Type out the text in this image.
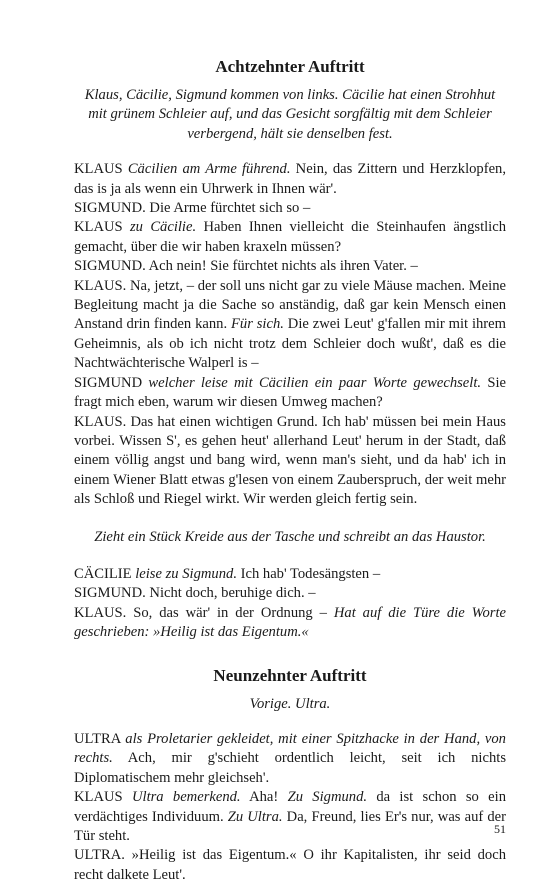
Achtzehnter Auftritt

Klaus, Cäcilie, Sigmund kommen von links. Cäcilie hat einen Strohhut mit grünem Schleier auf, und das Gesicht sorgfältig mit dem Schleier verbergend, hält sie denselben fest.

KLAUS Cäcilien am Arme führend. Nein, das Zittern und Herzklopfen, das is ja als wenn ein Uhrwerk in Ihnen wär'.

SIGMUND. Die Arme fürchtet sich so –

KLAUS zu Cäcilie. Haben Ihnen vielleicht die Steinhaufen ängstlich gemacht, über die wir haben kraxeln müssen?

SIGMUND. Ach nein! Sie fürchtet nichts als ihren Vater. –

KLAUS. Na, jetzt, – der soll uns nicht gar zu viele Mäuse machen. Meine Begleitung macht ja die Sache so anständig, daß gar kein Mensch einen Anstand drin finden kann. Für sich. Die zwei Leut' g'fallen mir mit ihrem Geheimnis, als ob ich nicht trotz dem Schleier doch wußt', daß es die Nachtwächterische Walperl is –

SIGMUND welcher leise mit Cäcilien ein paar Worte gewechselt. Sie fragt mich eben, warum wir diesen Umweg machen?

KLAUS. Das hat einen wichtigen Grund. Ich hab' müssen bei mein Haus vorbei. Wissen S', es gehen heut' allerhand Leut' herum in der Stadt, daß einem völlig angst und bang wird, wenn man's sieht, und da hab' ich in einem Wiener Blatt etwas g'lesen von einem Zauberspruch, der weit mehr als Schloß und Riegel wirkt. Wir werden gleich fertig sein.

Zieht ein Stück Kreide aus der Tasche und schreibt an das Haustor.

CÄCILIE leise zu Sigmund. Ich hab' Todesängsten –

SIGMUND. Nicht doch, beruhige dich. –

KLAUS. So, das wär' in der Ordnung – Hat auf die Türe die Worte geschrieben: »Heilig ist das Eigentum.«

Neunzehnter Auftritt

Vorige. Ultra.

ULTRA als Proletarier gekleidet, mit einer Spitzhacke in der Hand, von rechts. Ach, mir g'schieht ordentlich leicht, seit ich nichts Diplomatischem mehr gleichseh'.

KLAUS Ultra bemerkend. Aha! Zu Sigmund. da ist schon so ein verdächtiges Individuum. Zu Ultra. Da, Freund, lies Er's nur, was auf der Tür steht.

ULTRA. »Heilig ist das Eigentum.« O ihr Kapitalisten, ihr seid doch recht dalkete Leut'.

51
